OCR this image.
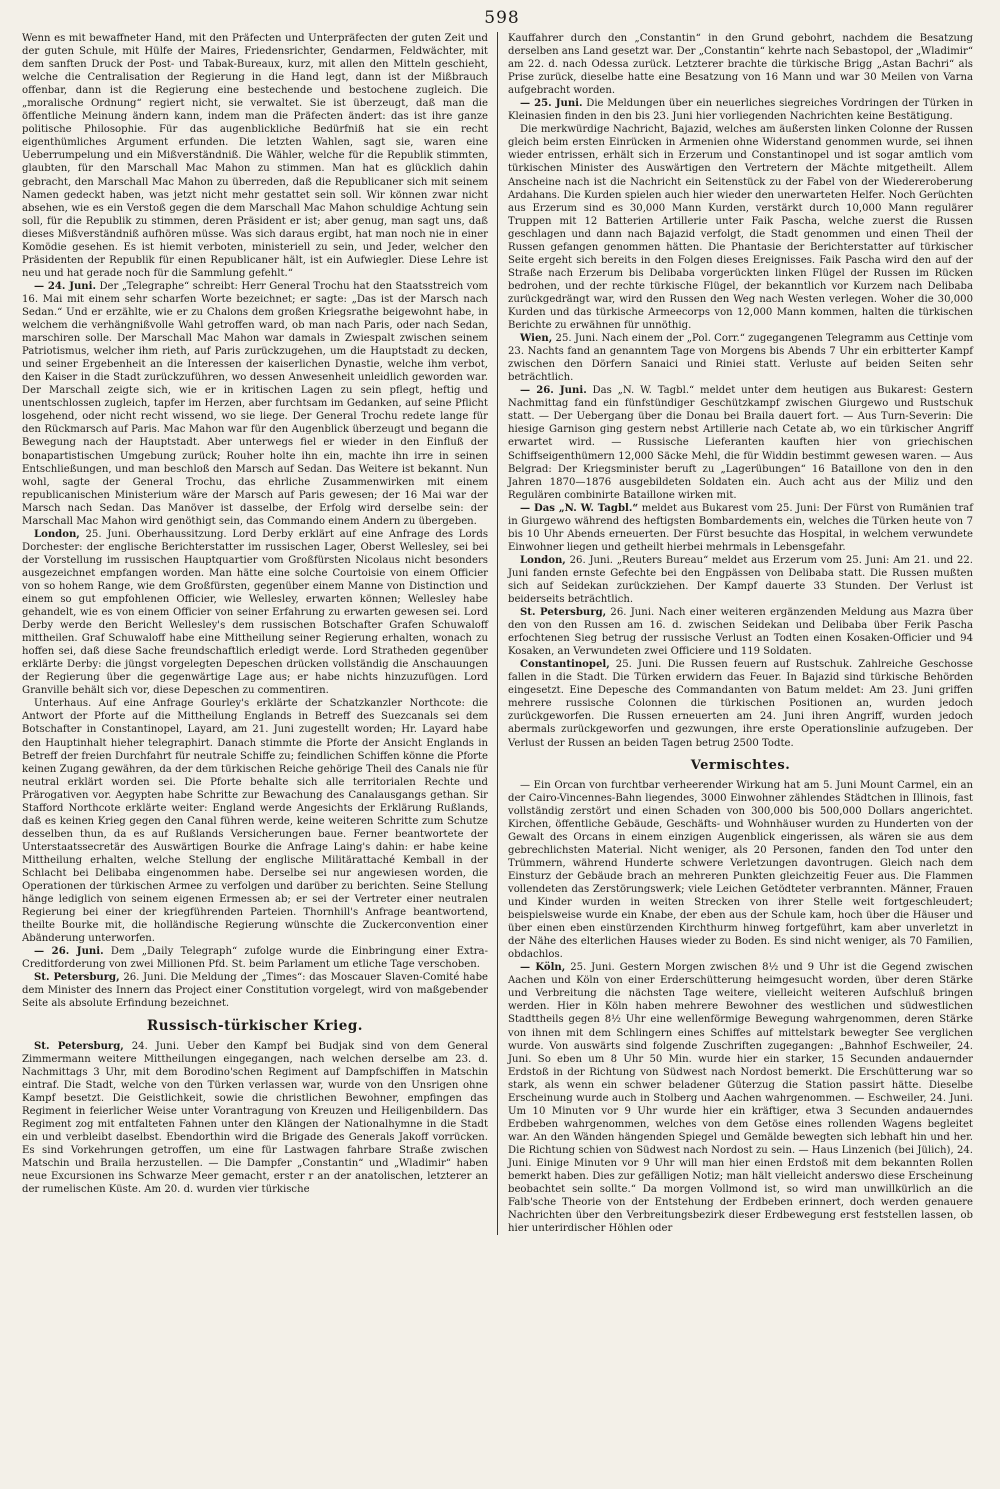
598

Wenn es mit bewaffneter Hand, mit den Präfecten und Unterpräfecten der guten Zeit und der guten Schule, mit Hülfe der Maires, Friedensrichter, Gendarmen, Feldwächter, mit dem sanften Druck der Post- und Tabak-Bureaux, kurz, mit allen den Mitteln geschieht, welche die Centralisation der Regierung in die Hand legt, dann ist der Mißbrauch offenbar, dann ist die Regierung eine bestechende und bestochene zugleich. Die „moralische Ordnung“ regiert nicht, sie verwaltet. Sie ist überzeugt, daß man die öffentliche Meinung ändern kann, indem man die Präfecten ändert: das ist ihre ganze politische Philosophie. Für das augenblickliche Bedürfniß hat sie ein recht eigenthümliches Argument erfunden. Die letzten Wahlen, sagt sie, waren eine Ueberrumpelung und ein Mißverständniß. Die Wähler, welche für die Republik stimmten, glaubten, für den Marschall Mac Mahon zu stimmen. Man hat es glücklich dahin gebracht, den Marschall Mac Mahon zu überreden, daß die Republicaner sich mit seinem Namen gedeckt haben, was jetzt nicht mehr gestattet sein soll. Wir können zwar nicht absehen, wie es ein Verstoß gegen die dem Marschall Mac Mahon schuldige Achtung sein soll, für die Republik zu stimmen, deren Präsident er ist; aber genug, man sagt uns, daß dieses Mißverständniß aufhören müsse. Was sich daraus ergibt, hat man noch nie in einer Komödie gesehen. Es ist hiemit verboten, ministeriell zu sein, und Jeder, welcher den Präsidenten der Republik für einen Republicaner hält, ist ein Aufwiegler. Diese Lehre ist neu und hat gerade noch für die Sammlung gefehlt.“

— 24. Juni. Der „Telegraphe“ schreibt: Herr General Trochu hat den Staatsstreich vom 16. Mai mit einem sehr scharfen Worte bezeichnet; er sagte: „Das ist der Marsch nach Sedan.“ Und er erzählte, wie er zu Chalons dem großen Kriegsrathe beigewohnt habe, in welchem die verhängnißvolle Wahl getroffen ward, ob man nach Paris, oder nach Sedan, marschiren solle. Der Marschall Mac Mahon war damals in Zwiespalt zwischen seinem Patriotismus, welcher ihm rieth, auf Paris zurückzugehen, um die Hauptstadt zu decken, und seiner Ergebenheit an die Interessen der kaiserlichen Dynastie, welche ihm verbot, den Kaiser in die Stadt zurückzuführen, wo dessen Anwesenheit unleidlich geworden war. Der Marschall zeigte sich, wie er in kritischen Lagen zu sein pflegt, heftig und unentschlossen zugleich, tapfer im Herzen, aber furchtsam im Gedanken, auf seine Pflicht losgehend, oder nicht recht wissend, wo sie liege. Der General Trochu redete lange für den Rückmarsch auf Paris. Mac Mahon war für den Augenblick überzeugt und begann die Bewegung nach der Hauptstadt. Aber unterwegs fiel er wieder in den Einfluß der bonapartistischen Umgebung zurück; Rouher holte ihn ein, machte ihn irre in seinen Entschließungen, und man beschloß den Marsch auf Sedan. Das Weitere ist bekannt. Nun wohl, sagte der General Trochu, das ehrliche Zusammenwirken mit einem republicanischen Ministerium wäre der Marsch auf Paris gewesen; der 16 Mai war der Marsch nach Sedan. Das Manöver ist dasselbe, der Erfolg wird derselbe sein: der Marschall Mac Mahon wird genöthigt sein, das Commando einem Andern zu übergeben.

London, 25. Juni. Oberhaussitzung. Lord Derby erklärt auf eine Anfrage des Lords Dorchester: der englische Berichterstatter im russischen Lager, Oberst Wellesley, sei bei der Vorstellung im russischen Hauptquartier vom Großfürsten Nicolaus nicht besonders ausgezeichnet empfangen worden. Man hätte eine solche Courtoisie von einem Officier von so hohem Range, wie dem Großfürsten, gegenüber einem Manne von Distinction und einem so gut empfohlenen Officier, wie Wellesley, erwarten können; Wellesley habe gehandelt, wie es von einem Officier von seiner Erfahrung zu erwarten gewesen sei. Lord Derby werde den Bericht Wellesley's dem russischen Botschafter Grafen Schuwaloff mittheilen. Graf Schuwaloff habe eine Mittheilung seiner Regierung erhalten, wonach zu hoffen sei, daß diese Sache freundschaftlich erledigt werde. Lord Stratheden gegenüber erklärte Derby: die jüngst vorgelegten Depeschen drücken vollständig die Anschauungen der Regierung über die gegenwärtige Lage aus; er habe nichts hinzuzufügen. Lord Granville behält sich vor, diese Depeschen zu commentiren.

Unterhaus. Auf eine Anfrage Gourley's erklärte der Schatzkanzler Northcote: die Antwort der Pforte auf die Mittheilung Englands in Betreff des Suezcanals sei dem Botschafter in Constantinopel, Layard, am 21. Juni zugestellt worden; Hr. Layard habe den Hauptinhalt hieher telegraphirt. Danach stimmte die Pforte der Ansicht Englands in Betreff der freien Durchfahrt für neutrale Schiffe zu; feindlichen Schiffen könne die Pforte keinen Zugang gewähren, da der dem türkischen Reiche gehörige Theil des Canals nie für neutral erklärt worden sei. Die Pforte behalte sich alle territorialen Rechte und Prärogativen vor. Aegypten habe Schritte zur Bewachung des Canalausgangs gethan. Sir Stafford Northcote erklärte weiter: England werde Angesichts der Erklärung Rußlands, daß es keinen Krieg gegen den Canal führen werde, keine weiteren Schritte zum Schutze desselben thun, da es auf Rußlands Versicherungen baue. Ferner beantwortete der Unterstaatssecretär des Auswärtigen Bourke die Anfrage Laing's dahin: er habe keine Mittheilung erhalten, welche Stellung der englische Militärattaché Kemball in der Schlacht bei Delibaba eingenommen habe. Derselbe sei nur angewiesen worden, die Operationen der türkischen Armee zu verfolgen und darüber zu berichten. Seine Stellung hänge lediglich von seinem eigenen Ermessen ab; er sei der Vertreter einer neutralen Regierung bei einer der kriegführenden Parteien. Thornhill's Anfrage beantwortend, theilte Bourke mit, die holländische Regierung wünschte die Zuckerconvention einer Abänderung unterworfen.

— 26. Juni. Dem „Daily Telegraph“ zufolge wurde die Einbringung einer Extra-Creditforderung von zwei Millionen Pfd. St. beim Parlament um etliche Tage verschoben.

St. Petersburg, 26. Juni. Die Meldung der „Times“: das Moscauer Slaven-Comité habe dem Minister des Innern das Project einer Constitution vorgelegt, wird von maßgebender Seite als absolute Erfindung bezeichnet.

Russisch-türkischer Krieg.

St. Petersburg, 24. Juni. Ueber den Kampf bei Budjak sind von dem General Zimmermann weitere Mittheilungen eingegangen, nach welchen derselbe am 23. d. Nachmittags 3 Uhr, mit dem Borodino'schen Regiment auf Dampfschiffen in Matschin eintraf. Die Stadt, welche von den Türken verlassen war, wurde von den Unsrigen ohne Kampf besetzt. Die Geistlichkeit, sowie die christlichen Bewohner, empfingen das Regiment in feierlicher Weise unter Vorantragung von Kreuzen und Heiligenbildern. Das Regiment zog mit entfalteten Fahnen unter den Klängen der Nationalhymne in die Stadt ein und verbleibt daselbst. Ebendorthin wird die Brigade des Generals Jakoff vorrücken. Es sind Vorkehrungen getroffen, um eine für Lastwagen fahrbare Straße zwischen Matschin und Braila herzustellen. — Die Dampfer „Constantin“ und „Wladimir“ haben neue Excursionen ins Schwarze Meer gemacht, erster r an der anatolischen, letzterer an der rumelischen Küste. Am 20. d. wurden vier türkische

Kauffahrer durch den „Constantin“ in den Grund gebohrt, nachdem die Besatzung derselben ans Land gesetzt war. Der „Constantin“ kehrte nach Sebastopol, der „Wladimir“ am 22. d. nach Odessa zurück. Letzterer brachte die türkische Brigg „Astan Bachri“ als Prise zurück, dieselbe hatte eine Besatzung von 16 Mann und war 30 Meilen von Varna aufgebracht worden.

— 25. Juni. Die Meldungen über ein neuerliches siegreiches Vordringen der Türken in Kleinasien finden in den bis 23. Juni hier vorliegenden Nachrichten keine Bestätigung.

Die merkwürdige Nachricht, Bajazid, welches am äußersten linken Colonne der Russen gleich beim ersten Einrücken in Armenien ohne Widerstand genommen wurde, sei ihnen wieder entrissen, erhält sich in Erzerum und Constantinopel und ist sogar amtlich vom türkischen Minister des Auswärtigen den Vertretern der Mächte mitgetheilt. Allem Anscheine nach ist die Nachricht ein Seitenstück zu der Fabel von der Wiedereroberung Ardahans. Die Kurden spielen auch hier wieder den unerwarteten Helfer. Noch Gerüchten aus Erzerum sind es 30,000 Mann Kurden, verstärkt durch 10,000 Mann regulärer Truppen mit 12 Batterien Artillerie unter Faik Pascha, welche zuerst die Russen geschlagen und dann nach Bajazid verfolgt, die Stadt genommen und einen Theil der Russen gefangen genommen hätten. Die Phantasie der Berichterstatter auf türkischer Seite ergeht sich bereits in den Folgen dieses Ereignisses. Faik Pascha wird den auf der Straße nach Erzerum bis Delibaba vorgerückten linken Flügel der Russen im Rücken bedrohen, und der rechte türkische Flügel, der bekanntlich vor Kurzem nach Delibaba zurückgedrängt war, wird den Russen den Weg nach Westen verlegen. Woher die 30,000 Kurden und das türkische Armeecorps von 12,000 Mann kommen, halten die türkischen Berichte zu erwähnen für unnöthig.

Wien, 25. Juni. Nach einem der „Pol. Corr.“ zugegangenen Telegramm aus Cettinje vom 23. Nachts fand an genanntem Tage von Morgens bis Abends 7 Uhr ein erbitterter Kampf zwischen den Dörfern Sanaici und Riniei statt. Verluste auf beiden Seiten sehr beträchtlich.

— 26. Juni. Das „N. W. Tagbl.“ meldet unter dem heutigen aus Bukarest: Gestern Nachmittag fand ein fünfstündiger Geschützkampf zwischen Giurgewo und Rustschuk statt. — Der Uebergang über die Donau bei Braila dauert fort. — Aus Turn-Severin: Die hiesige Garnison ging gestern nebst Artillerie nach Cetate ab, wo ein türkischer Angriff erwartet wird. — Russische Lieferanten kauften hier von griechischen Schiffseigenthümern 12,000 Säcke Mehl, die für Widdin bestimmt gewesen waren. — Aus Belgrad: Der Kriegsminister beruft zu „Lagerübungen“ 16 Bataillone von den in den Jahren 1870—1876 ausgebildeten Soldaten ein. Auch acht aus der Miliz und den Regulären combinirte Bataillone wirken mit.

— Das „N. W. Tagbl.“ meldet aus Bukarest vom 25. Juni: Der Fürst von Rumänien traf in Giurgewo während des heftigsten Bombardements ein, welches die Türken heute von 7 bis 10 Uhr Abends erneuerten. Der Fürst besuchte das Hospital, in welchem verwundete Einwohner liegen und getheilt hierbei mehrmals in Lebensgefahr.

London, 26. Juni. „Reuters Bureau“ meldet aus Erzerum vom 25. Juni: Am 21. und 22. Juni fanden ernste Gefechte bei den Engpässen von Delibaba statt. Die Russen mußten sich auf Seidekan zurückziehen. Der Kampf dauerte 33 Stunden. Der Verlust ist beiderseits beträchtlich.

St. Petersburg, 26. Juni. Nach einer weiteren ergänzenden Meldung aus Mazra über den von den Russen am 16. d. zwischen Seidekan und Delibaba über Ferik Pascha erfochtenen Sieg betrug der russische Verlust an Todten einen Kosaken-Officier und 94 Kosaken, an Verwundeten zwei Officiere und 119 Soldaten.

Constantinopel, 25. Juni. Die Russen feuern auf Rustschuk. Zahlreiche Geschosse fallen in die Stadt. Die Türken erwidern das Feuer. In Bajazid sind türkische Behörden eingesetzt. Eine Depesche des Commandanten von Batum meldet: Am 23. Juni griffen mehrere russische Colonnen die türkischen Positionen an, wurden jedoch zurückgeworfen. Die Russen erneuerten am 24. Juni ihren Angriff, wurden jedoch abermals zurückgeworfen und gezwungen, ihre erste Operationslinie aufzugeben. Der Verlust der Russen an beiden Tagen betrug 2500 Todte.

Vermischtes.

— Ein Orcan von furchtbar verheerender Wirkung hat am 5. Juni Mount Carmel, ein an der Cairo-Vincennes-Bahn liegendes, 3000 Einwohner zählendes Städtchen in Illinois, fast vollständig zerstört und einen Schaden von 300,000 bis 500,000 Dollars angerichtet. Kirchen, öffentliche Gebäude, Geschäfts- und Wohnhäuser wurden zu Hunderten von der Gewalt des Orcans in einem einzigen Augenblick eingerissen, als wären sie aus dem gebrechlichsten Material. Nicht weniger, als 20 Personen, fanden den Tod unter den Trümmern, während Hunderte schwere Verletzungen davontrugen. Gleich nach dem Einsturz der Gebäude brach an mehreren Punkten gleichzeitig Feuer aus. Die Flammen vollendeten das Zerstörungswerk; viele Leichen Getödteter verbrannten. Männer, Frauen und Kinder wurden in weiten Strecken von ihrer Stelle weit fortgeschleudert; beispielsweise wurde ein Knabe, der eben aus der Schule kam, hoch über die Häuser und über einen eben einstürzenden Kirchthurm hinweg fortgeführt, kam aber unverletzt in der Nähe des elterlichen Hauses wieder zu Boden. Es sind nicht weniger, als 70 Familien, obdachlos.

— Köln, 25. Juni. Gestern Morgen zwischen 8½ und 9 Uhr ist die Gegend zwischen Aachen und Köln von einer Erderschütterung heimgesucht worden, über deren Stärke und Verbreitung die nächsten Tage weitere, vielleicht weiteren Aufschluß bringen werden. Hier in Köln haben mehrere Bewohner des westlichen und südwestlichen Stadttheils gegen 8½ Uhr eine wellenförmige Bewegung wahrgenommen, deren Stärke von ihnen mit dem Schlingern eines Schiffes auf mittelstark bewegter See verglichen wurde. Von auswärts sind folgende Zuschriften zugegangen: „Bahnhof Eschweiler, 24. Juni. So eben um 8 Uhr 50 Min. wurde hier ein starker, 15 Secunden andauernder Erdstoß in der Richtung von Südwest nach Nordost bemerkt. Die Erschütterung war so stark, als wenn ein schwer beladener Güterzug die Station passirt hätte. Dieselbe Erscheinung wurde auch in Stolberg und Aachen wahrgenommen. — Eschweiler, 24. Juni. Um 10 Minuten vor 9 Uhr wurde hier ein kräftiger, etwa 3 Secunden andauerndes Erdbeben wahrgenommen, welches von dem Getöse eines rollenden Wagens begleitet war. An den Wänden hängenden Spiegel und Gemälde bewegten sich lebhaft hin und her. Die Richtung schien von Südwest nach Nordost zu sein. — Haus Linzenich (bei Jülich), 24. Juni. Einige Minuten vor 9 Uhr will man hier einen Erdstoß mit dem bekannten Rollen bemerkt haben. Dies zur gefälligen Notiz; man hält vielleicht anderswo diese Erscheinung beobachtet sein sollte.“ Da morgen Vollmond ist, so wird man unwillkürlich an die Falb'sche Theorie von der Entstehung der Erdbeben erinnert, doch werden genauere Nachrichten über den Verbreitungsbezirk dieser Erdbewegung erst feststellen lassen, ob hier unterirdischer Höhlen oder
